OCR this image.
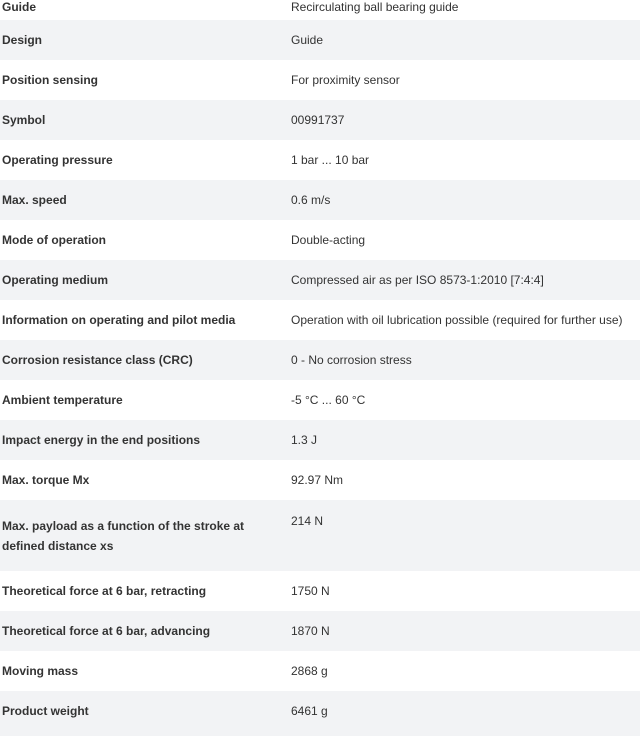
Guide	Recirculating ball bearing guide

Design	Guide
Position sensing	For proximity sensor
Symbol	00991737
Operating pressure	1 bar ... 10 bar
Max. speed	0.6 m/s
Mode of operation	Double-acting
Operating medium	Compressed air as per ISO 8573-1:2010 [7:4:4]
Information on operating and pilot media	Operation with oil lubrication possible (required for further use)
Corrosion resistance class (CRC)	0 - No corrosion stress
Ambient temperature	-5 °C ... 60 °C
Impact energy in the end positions	1.3 J
Max. torque Mx	92.97 Nm
Max. payload as a function of the stroke at defined distance xs	214 N
Theoretical force at 6 bar, retracting	1750 N
Theoretical force at 6 bar, advancing	1870 N
Moving mass	2868 g
Product weight	6461 g
